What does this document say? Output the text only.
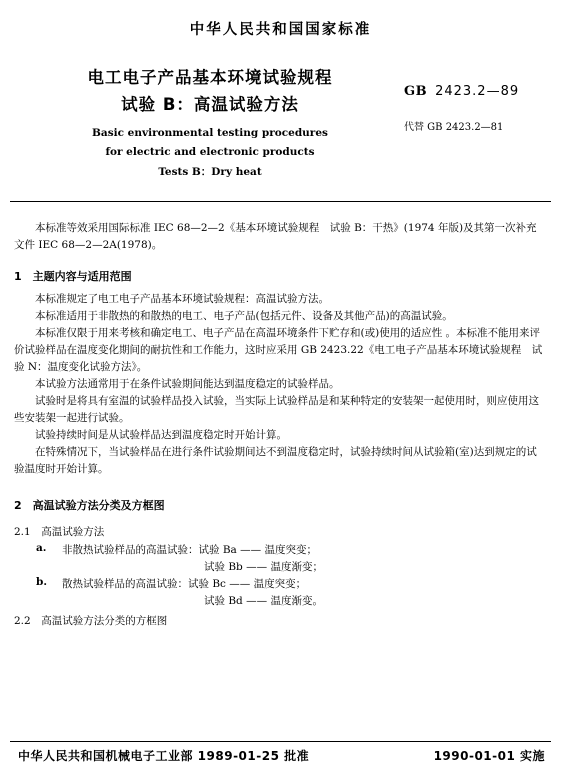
中华人民共和国国家标准
电工电子产品基本环境试验规程
试验 B：高温试验方法
GB 2423.2—89
代替 GB 2423.2—81
Basic environmental testing procedures
for electric and electronic products
Tests B：Dry heat

本标准等效采用国际标准 IEC 68—2—2《基本环境试验规程　试验 B：干热》(1974 年版)及其第一次补充文件 IEC 68—2—2A(1978)。

1　主题内容与适用范围

本标准规定了电工电子产品基本环境试验规程：高温试验方法。

本标准适用于非散热的和散热的电工、电子产品(包括元件、设备及其他产品)的高温试验。

本标准仅限于用来考核和确定电工、电子产品在高温环境条件下贮存和(或)使用的适应性 。本标准不能用来评价试验样品在温度变化期间的耐抗性和工作能力，这时应采用 GB 2423.22《电工电子产品基本环境试验规程　试验 N：温度变化试验方法》。

本试验方法通常用于在条件试验期间能达到温度稳定的试验样品。

试验时是将具有室温的试验样品投入试验，当实际上试验样品是和某种特定的安装架一起使用时，则应使用这些安装架一起进行试验。

试验持续时间是从试验样品达到温度稳定时开始计算。

在特殊情况下，当试验样品在进行条件试验期间达不到温度稳定时，试验持续时间从试验箱(室)达到规定的试验温度时开始计算。

2　高温试验方法分类及方框图
2.1　高温试验方法
a. 非散热试验样品的高温试验：试验 Ba —— 温度突变；
试验 Bb —— 温度渐变；
b. 散热试验样品的高温试验：试验 Bc —— 温度突变；
试验 Bd —— 温度渐变。
2.2　高温试验方法分类的方框图
中华人民共和国机械电子工业部 1989-01-25 批准	1990-01-01 实施
